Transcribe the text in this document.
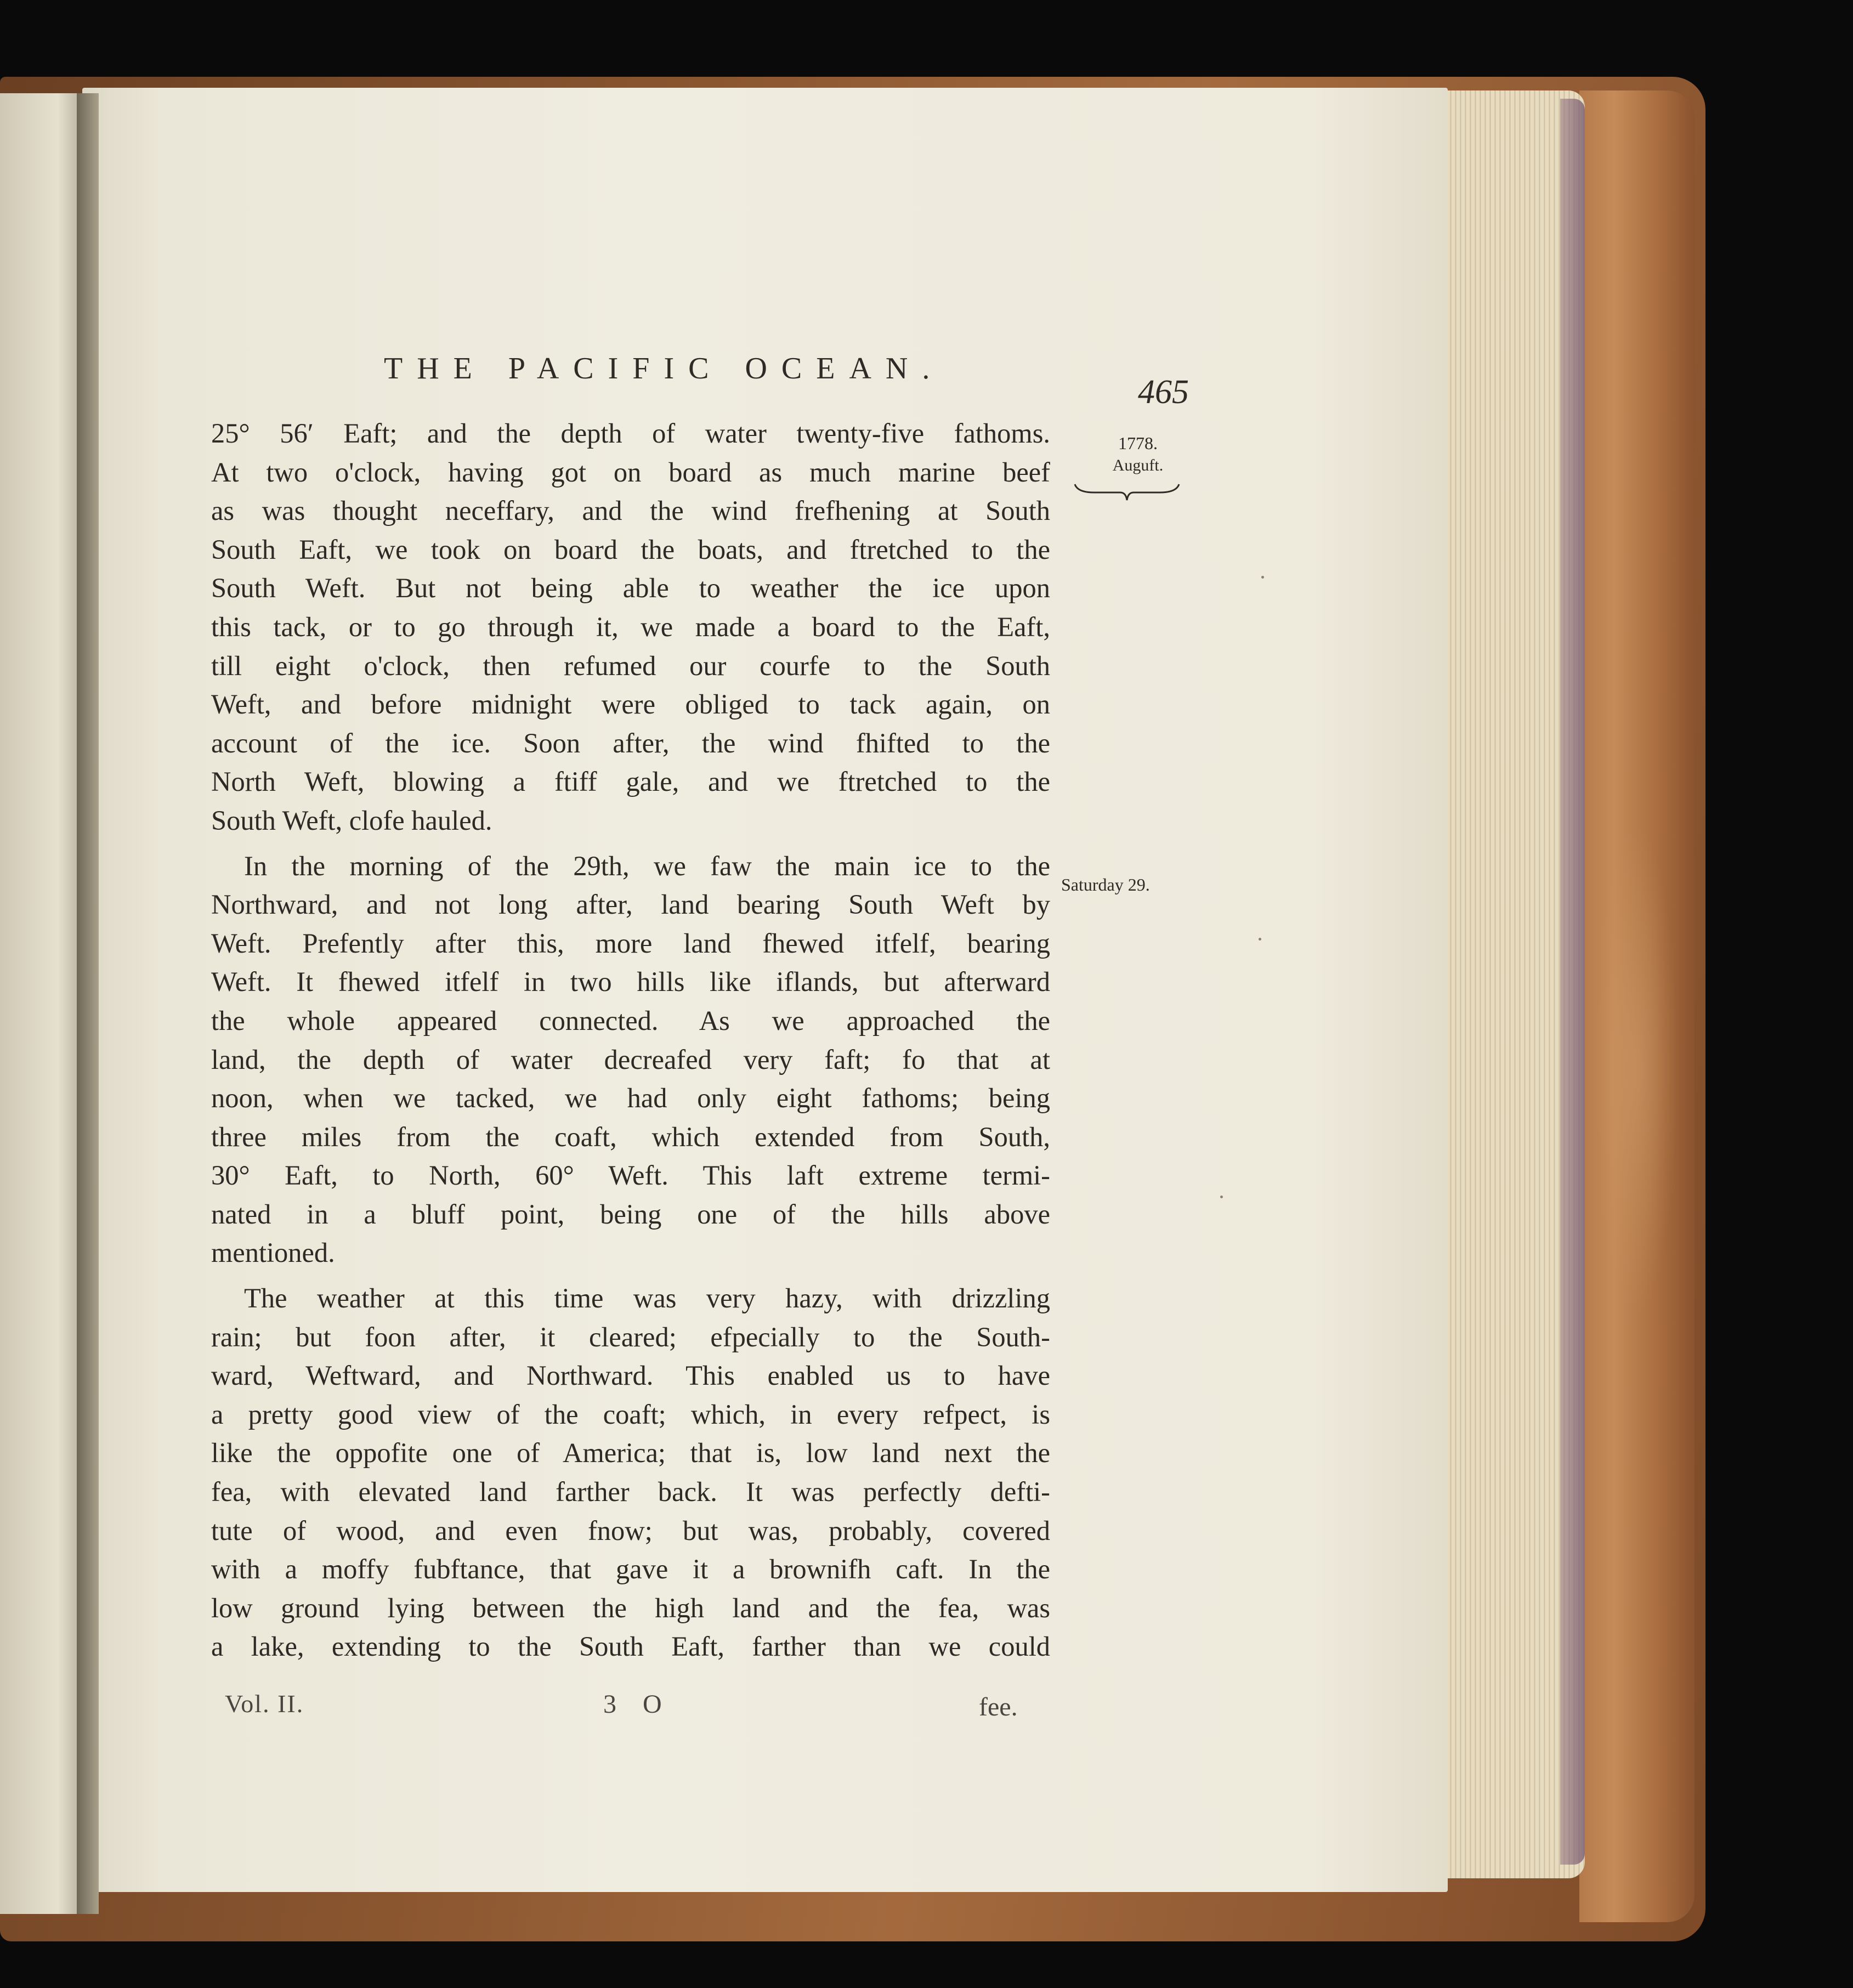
THE PACIFIC OCEAN.
465
1778.
Auguft.
Saturday 29.
25° 56′ Eaft; and the depth of water twenty-five fathoms.
At two o'clock, having got on board as much marine beef
as was thought neceffary, and the wind frefhening at South
South Eaft, we took on board the boats, and ftretched to the
South Weft. But not being able to weather the ice upon
this tack, or to go through it, we made a board to the Eaft,
till eight o'clock, then refumed our courfe to the South
Weft, and before midnight were obliged to tack again, on
account of the ice. Soon after, the wind fhifted to the
North Weft, blowing a ftiff gale, and we ftretched to the
South Weft, clofe hauled.
In the morning of the 29th, we faw the main ice to the
Northward, and not long after, land bearing South Weft by
Weft. Prefently after this, more land fhewed itfelf, bearing
Weft. It fhewed itfelf in two hills like iflands, but afterward
the whole appeared connected. As we approached the
land, the depth of water decreafed very faft; fo that at
noon, when we tacked, we had only eight fathoms; being
three miles from the coaft, which extended from South,
30° Eaft, to North, 60° Weft. This laft extreme termi-
nated in a bluff point, being one of the hills above
mentioned.
The weather at this time was very hazy, with drizzling
rain; but foon after, it cleared; efpecially to the South-
ward, Weftward, and Northward. This enabled us to have
a pretty good view of the coaft; which, in every refpect, is
like the oppofite one of America; that is, low land next the
fea, with elevated land farther back. It was perfectly defti-
tute of wood, and even fnow; but was, probably, covered
with a moffy fubftance, that gave it a brownifh caft. In the
low ground lying between the high land and the fea, was
a lake, extending to the South Eaft, farther than we could
Vol. II.	3 O	fee.
